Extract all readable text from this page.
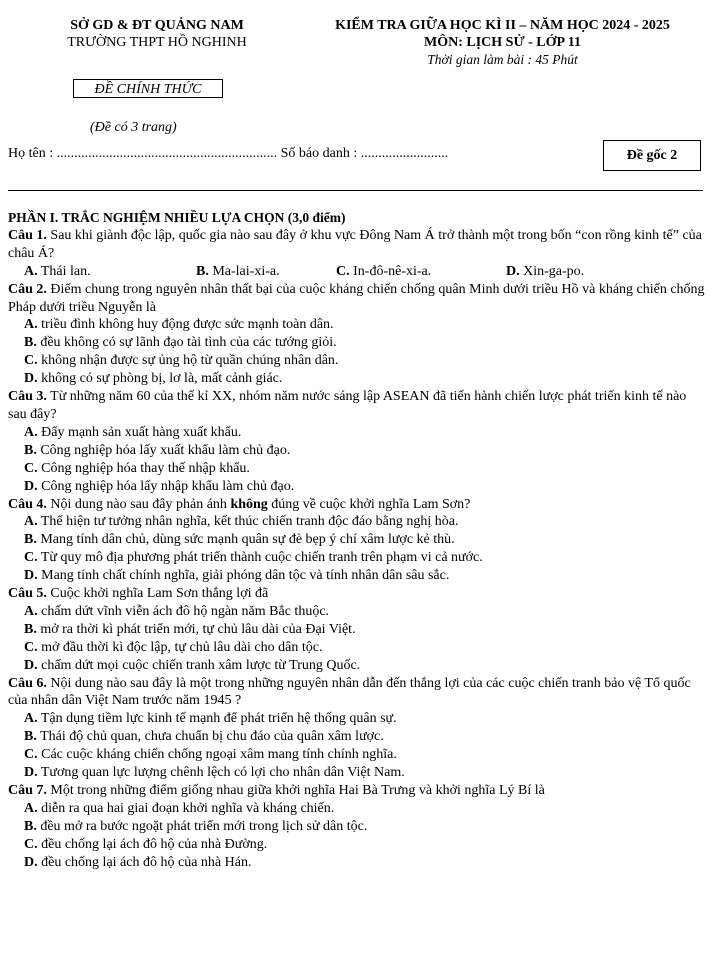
SỞ GD & ĐT QUẢNG NAM
TRƯỜNG THPT HỒ NGHINH
KIỂM TRA GIỮA HỌC KÌ II – NĂM HỌC 2024 - 2025
MÔN: LỊCH SỬ - LỚP 11
Thời gian làm bài : 45 Phút
ĐỀ CHÍNH THỨC
(Đề có 3 trang)
Họ tên : ............................................................... Số báo danh : .........................	Đề gốc 2
PHẦN I. TRẮC NGHIỆM NHIỀU LỰA CHỌN (3,0 điểm)
Câu 1. Sau khi giành độc lập, quốc gia nào sau đây ở khu vực Đông Nam Á trở thành một trong bốn “con rồng kinh tế” của châu Á?
A. Thái lan.	B. Ma-lai-xi-a.	C. In-đô-nê-xi-a.	D. Xin-ga-po.
Câu 2. Điểm chung trong nguyên nhân thất bại của cuộc kháng chiến chống quân Minh dưới triều Hồ và kháng chiến chống Pháp dưới triều Nguyễn là
A. triều đình không huy động được sức mạnh toàn dân.
B. đều không có sự lãnh đạo tài tình của các tướng giỏi.
C. không nhận được sự ủng hộ từ quần chúng nhân dân.
D. không có sự phòng bị, lơ là, mất cảnh giác.
Câu 3. Từ những năm 60 của thế kỉ XX, nhóm năm nước sáng lập ASEAN đã tiến hành chiến lược phát triển kinh tế nào sau đây?
A. Đẩy mạnh sản xuất hàng xuất khẩu.
B. Công nghiệp hóa lấy xuất khẩu làm chủ đạo.
C. Công nghiệp hóa thay thế nhập khẩu.
D. Công nghiệp hóa lấy nhập khẩu làm chủ đạo.
Câu 4. Nội dung nào sau đây phản ánh không đúng về cuộc khởi nghĩa Lam Sơn?
A. Thể hiện tư tưởng nhân nghĩa, kết thúc chiến tranh độc đáo bằng nghị hòa.
B. Mang tính dân chủ, dùng sức mạnh quân sự đè bẹp ý chí xâm lược kẻ thù.
C. Từ quy mô địa phương phát triển thành cuộc chiến tranh trên phạm vi cả nước.
D. Mang tính chất chính nghĩa, giải phóng dân tộc và tính nhân dân sâu sắc.
Câu 5. Cuộc khởi nghĩa Lam Sơn thắng lợi đã
A. chấm dứt vĩnh viễn ách đô hộ ngàn năm Bắc thuộc.
B. mở ra thời kì phát triển mới, tự chủ lâu dài của Đại Việt.
C. mở đầu thời kì độc lập, tự chủ lâu dài cho dân tộc.
D. chấm dứt mọi cuộc chiến tranh xâm lược từ Trung Quốc.
Câu 6. Nội dung nào sau đây là một trong những nguyên nhân dẫn đến thắng lợi của các cuộc chiến tranh bảo vệ Tổ quốc của nhân dân Việt Nam trước năm 1945 ?
A. Tận dụng tiềm lực kinh tế mạnh để phát triển hệ thống quân sự.
B. Thái độ chủ quan, chưa chuẩn bị chu đáo của quân xâm lược.
C. Các cuộc kháng chiến chống ngoại xâm mang tính chính nghĩa.
D. Tương quan lực lượng chênh lệch có lợi cho nhân dân Việt Nam.
Câu 7. Một trong những điểm giống nhau giữa khởi nghĩa Hai Bà Trưng và khởi nghĩa Lý Bí là
A. diễn ra qua hai giai đoạn khởi nghĩa và kháng chiến.
B. đều mở ra bước ngoặt phát triển mới trong lịch sử dân tộc.
C. đều chống lại ách đô hộ của nhà Đường.
D. đều chống lại ách đô hộ của nhà Hán.
